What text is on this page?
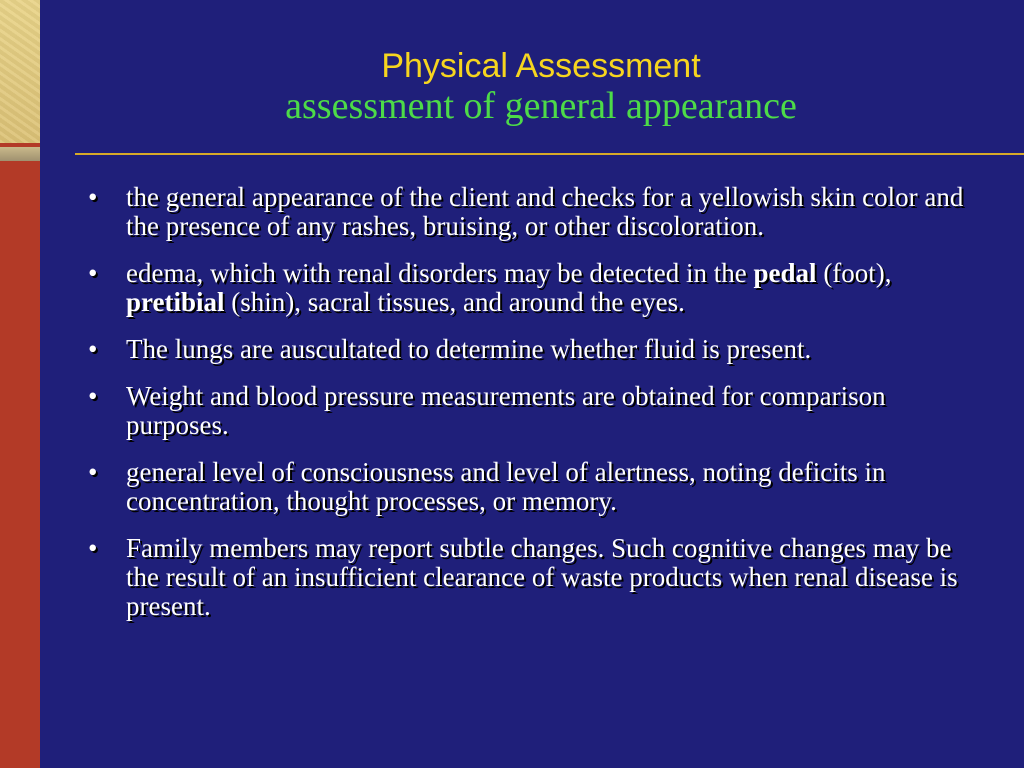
Physical Assessment
assessment of general appearance
• the general appearance of the client and checks for a yellowish skin color and the presence of any rashes, bruising, or other discoloration.
• edema, which with renal disorders may be detected in the pedal (foot), pretibial (shin), sacral tissues, and around the eyes.
• The lungs are auscultated to determine whether fluid is present.
• Weight and blood pressure measurements are obtained for comparison purposes.
• general level of consciousness and level of alertness, noting deficits in concentration, thought processes, or memory.
• Family members may report subtle changes. Such cognitive changes may be the result of an insufficient clearance of waste products when renal disease is present.
